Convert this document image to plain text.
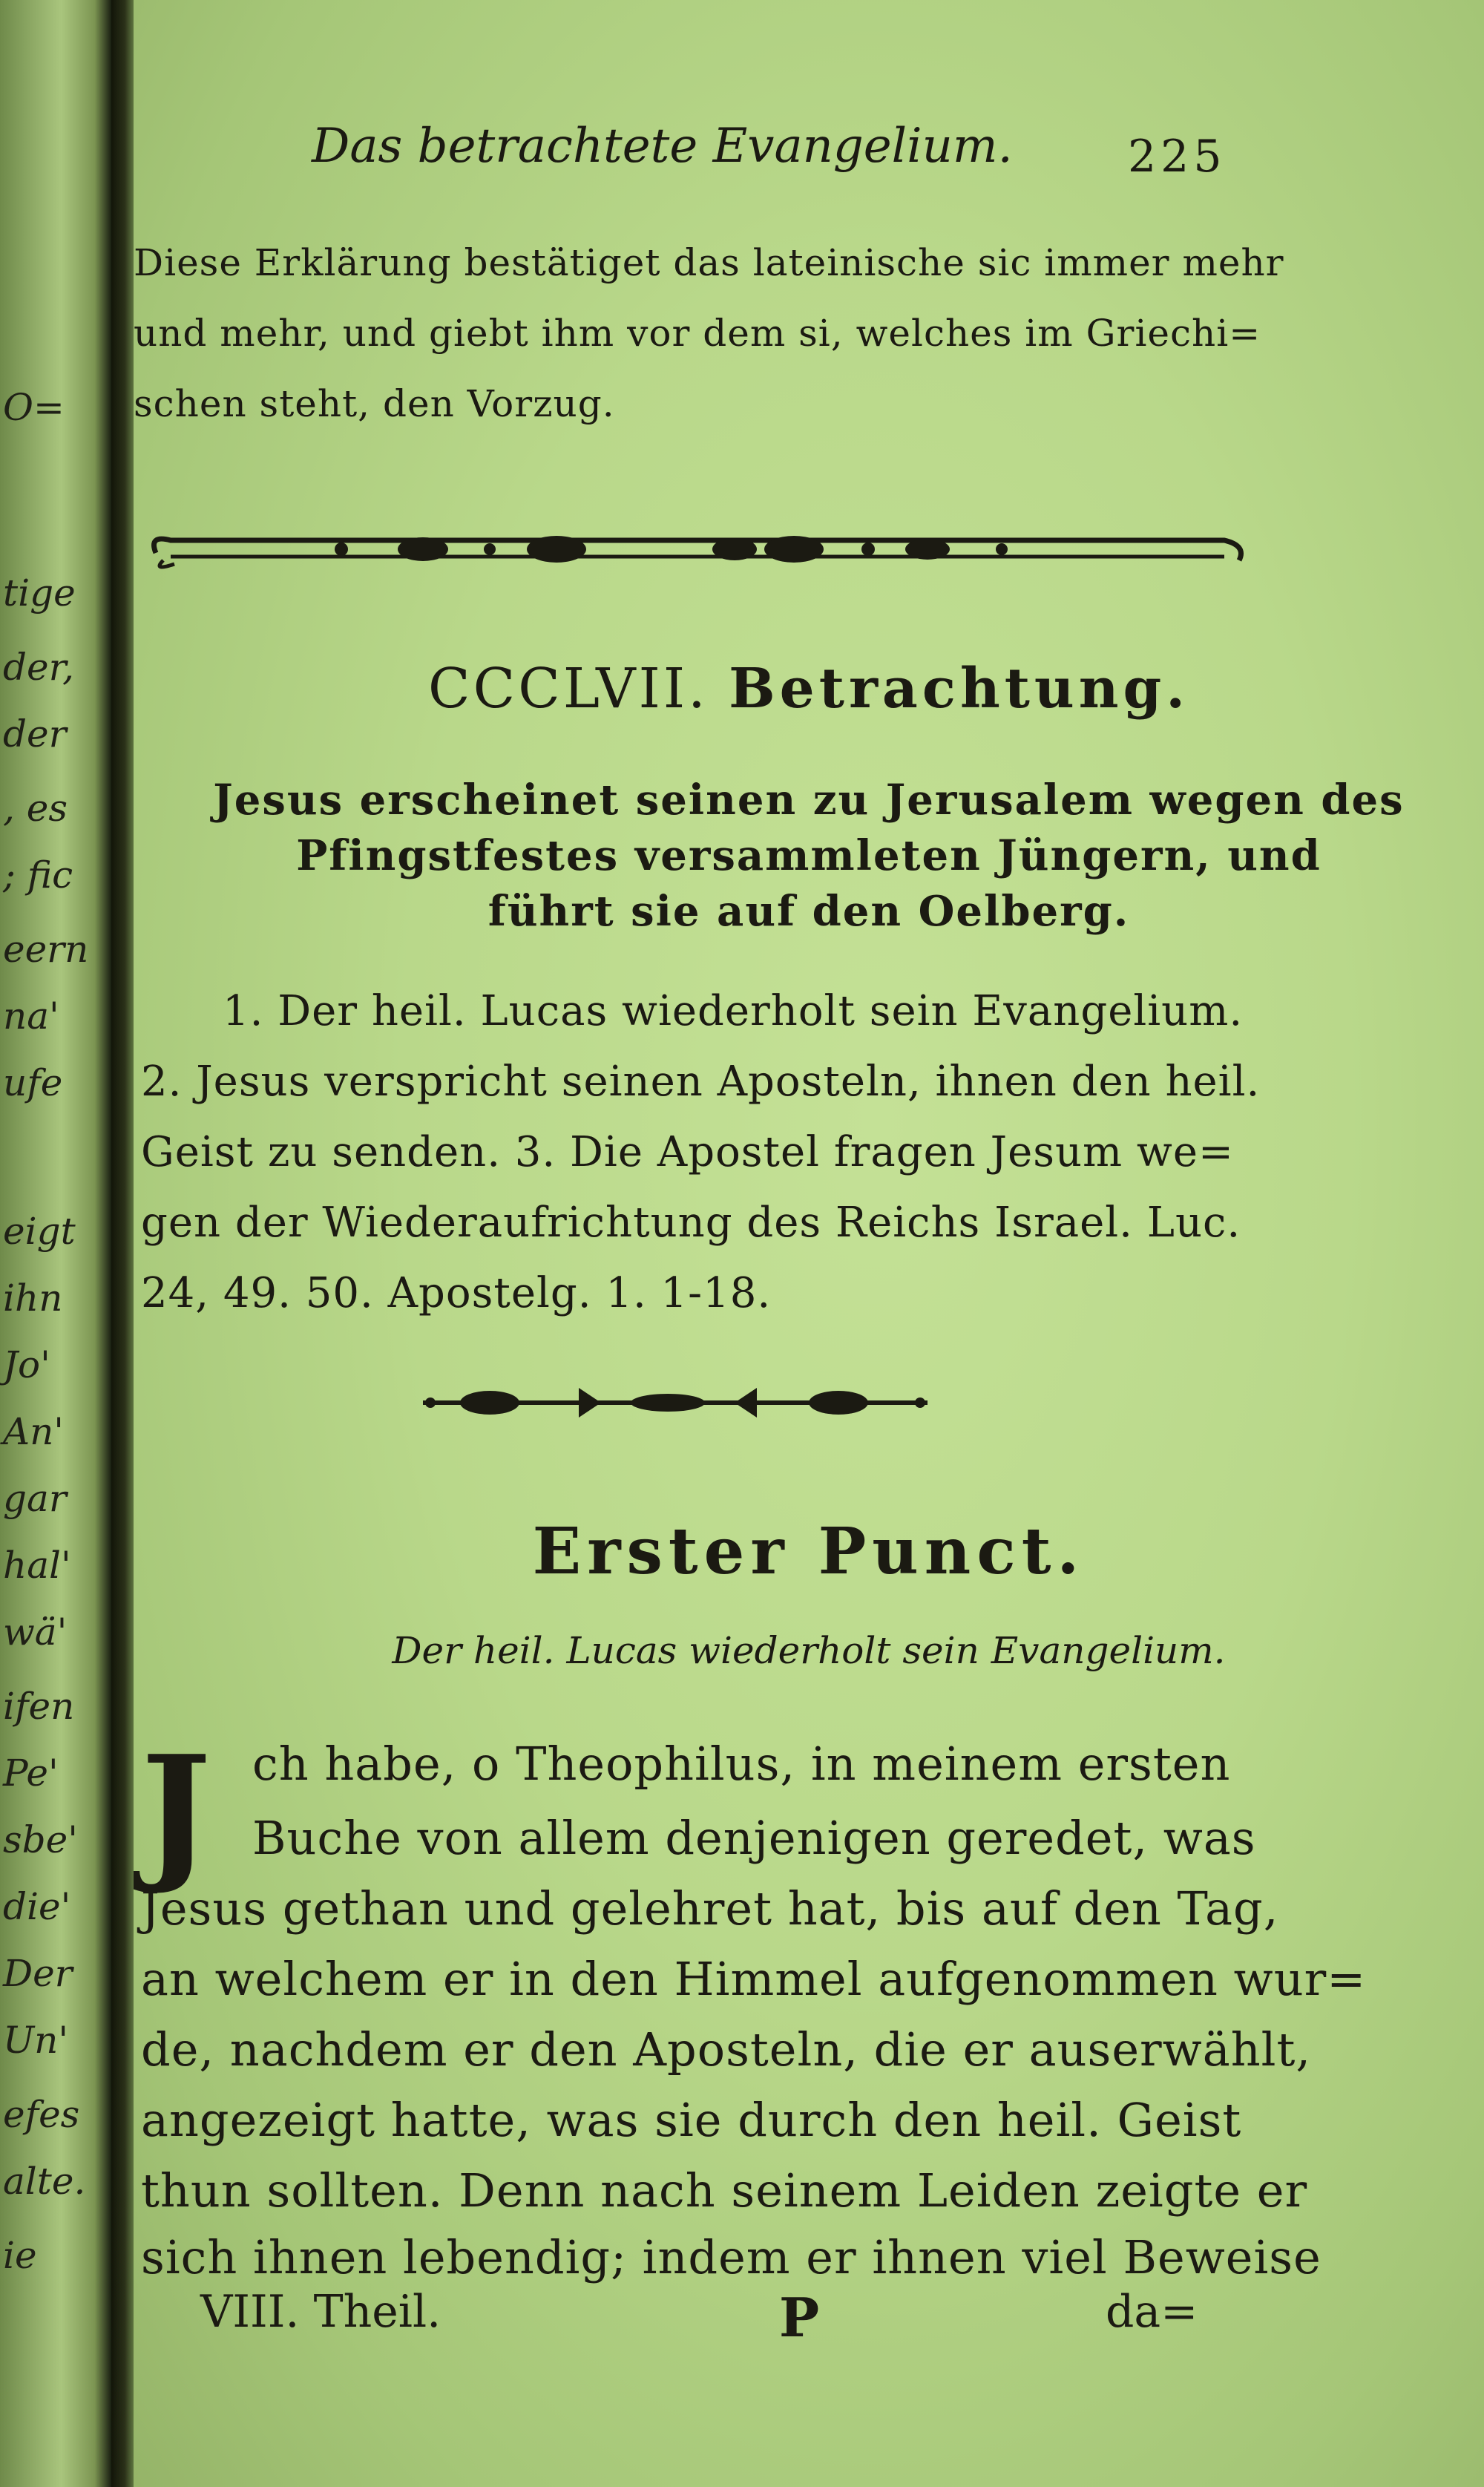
O=
tige
der,
der
, es
; fic
eern
na'
ufe
eigt
ihn
Jo'
An'
gar
hal'
wä'
ifen
Pe'
sbe'
die'
Der
Un'
efes
alte.
ie
Das betrachtete Evangelium.	225
Diese Erklärung bestätiget das lateinische sic immer mehr
und mehr, und giebt ihm vor dem si, welches im Griechi=
schen steht, den Vorzug.
CCCLVII. Betrachtung.
Jesus erscheinet seinen zu Jerusalem wegen des
Pfingstfestes versammleten Jüngern, und
führt sie auf den Oelberg.
1. Der heil. Lucas wiederholt sein Evangelium.
2. Jesus verspricht seinen Aposteln, ihnen den heil.
Geist zu senden. 3. Die Apostel fragen Jesum we=
gen der Wiederaufrichtung des Reichs Israel. Luc.
24, 49. 50. Apostelg. 1. 1-18.
Erster Punct.
Der heil. Lucas wiederholt sein Evangelium.
J ch habe, o Theophilus, in meinem ersten
Buche von allem denjenigen geredet, was
Jesus gethan und gelehret hat, bis auf den Tag,
an welchem er in den Himmel aufgenommen wur=
de, nachdem er den Aposteln, die er auserwählt,
angezeigt hatte, was sie durch den heil. Geist
thun sollten. Denn nach seinem Leiden zeigte er
sich ihnen lebendig; indem er ihnen viel Beweise
VIII. Theil.	P	da=
